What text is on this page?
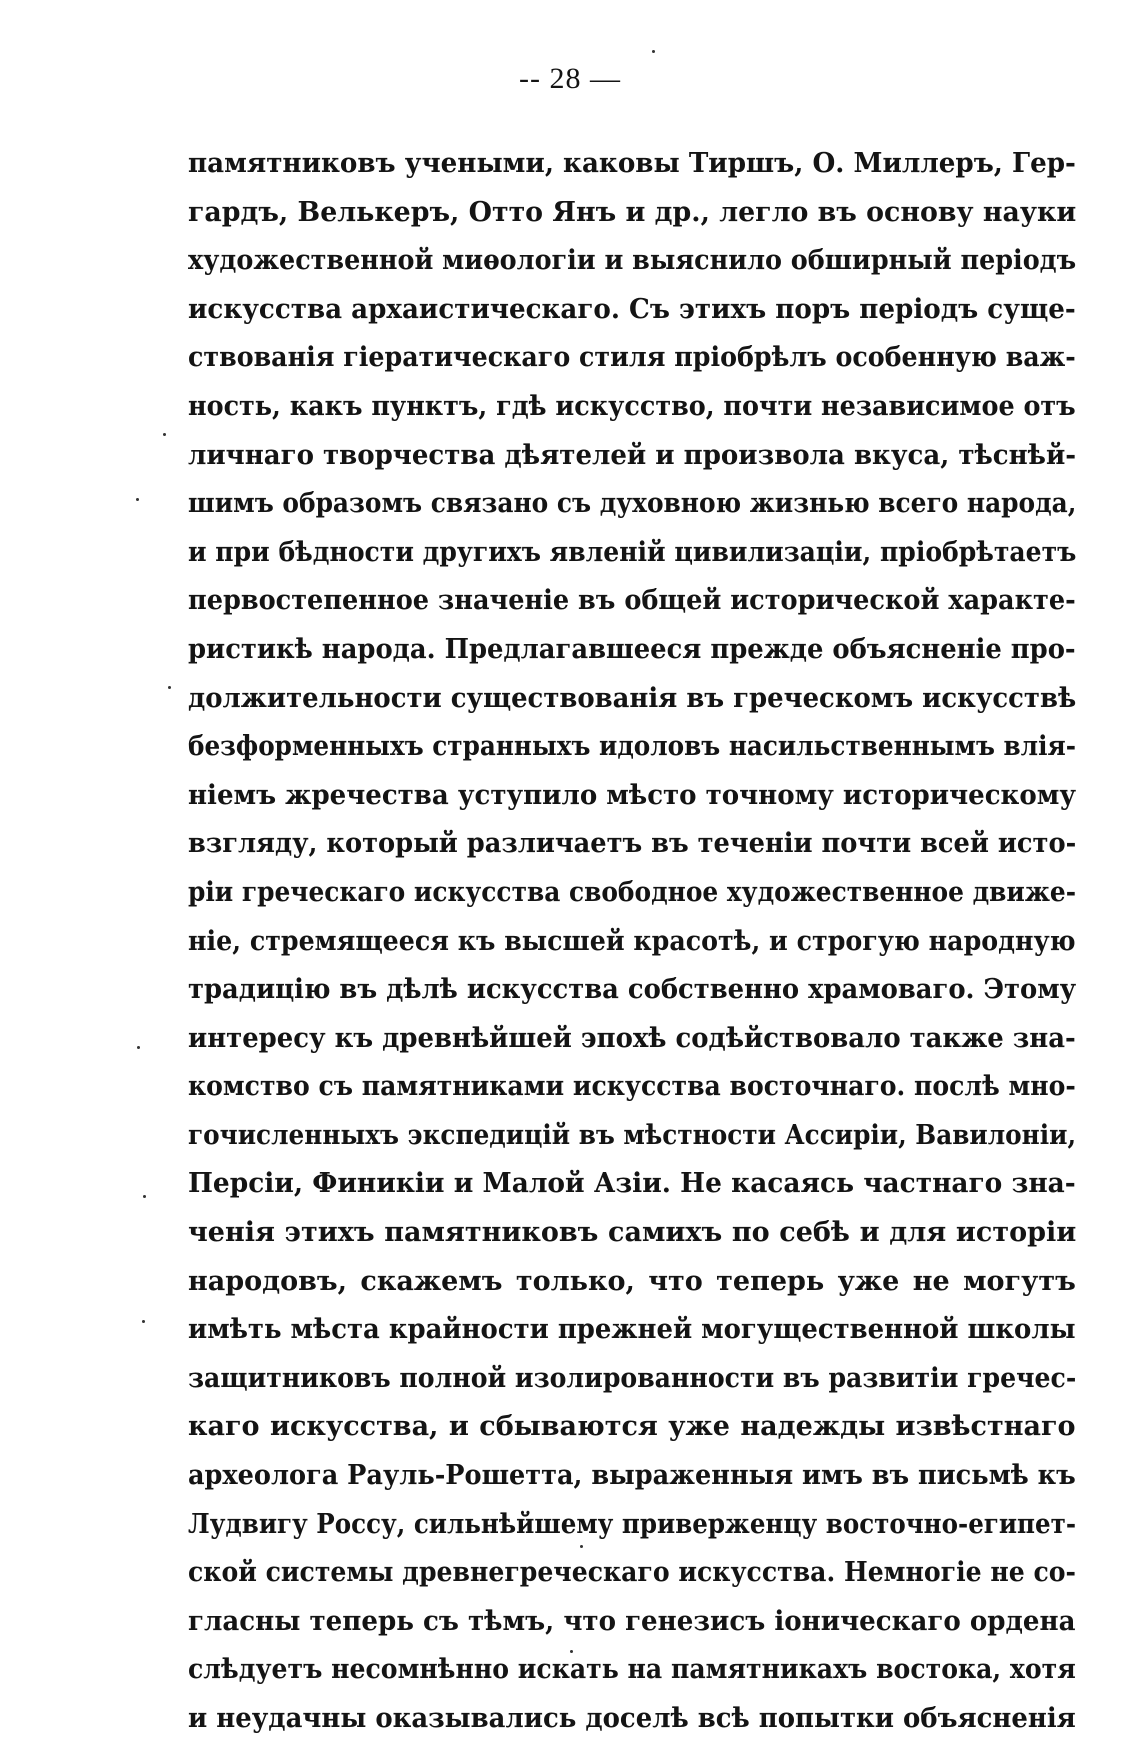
-- 28 —
памятниковъ учеными, каковы Тиршъ, О. Миллеръ, Гер-
гардъ, Велькеръ, Отто Янъ и др., легло въ основу науки
художественной миѳологіи и выяснило обширный періодъ
искусства архаистическаго. Съ этихъ поръ періодъ суще-
ствованія гіератическаго стиля пріобрѣлъ особенную важ-
ность, какъ пунктъ, гдѣ искусство, почти независимое отъ
личнаго творчества дѣятелей и произвола вкуса, тѣснѣй-
шимъ образомъ связано съ духовною жизнью всего народа,
и при бѣдности другихъ явленій цивилизаціи, пріобрѣтаетъ
первостепенное значеніе въ общей исторической характе-
ристикѣ народа. Предлагавшееся прежде объясненіе про-
должительности существованія въ греческомъ искусствѣ
безформенныхъ странныхъ идоловъ насильственнымъ влія-
ніемъ жречества уступило мѣсто точному историческому
взгляду, который различаетъ въ теченіи почти всей исто-
ріи греческаго искусства свободное художественное движе-
ніе, стремящееся къ высшей красотѣ, и строгую народную
традицію въ дѣлѣ искусства собственно храмоваго. Этому
интересу къ древнѣйшей эпохѣ содѣйствовало также зна-
комство съ памятниками искусства восточнаго. послѣ мно-
гочисленныхъ экспедицій въ мѣстности Ассиріи, Вавилоніи,
Персіи, Финикіи и Малой Азіи. Не касаясь частнаго зна-
ченія этихъ памятниковъ самихъ по себѣ и для исторіи
народовъ, скажемъ только, что теперь уже не могутъ
имѣть мѣста крайности прежней могущественной школы
защитниковъ полной изолированности въ развитіи гречес-
каго искусства, и сбываются уже надежды извѣстнаго
археолога Рауль-Рошетта, выраженныя имъ въ письмѣ къ
Лудвигу Россу, сильнѣйшему приверженцу восточно-египет-
ской системы древнегреческаго искусства. Немногіе не со-
гласны теперь съ тѣмъ, что генезисъ іоническаго ордена
слѣдуетъ несомнѣнно искать на памятникахъ востока, хотя
и неудачны оказывались доселѣ всѣ попытки объясненія
